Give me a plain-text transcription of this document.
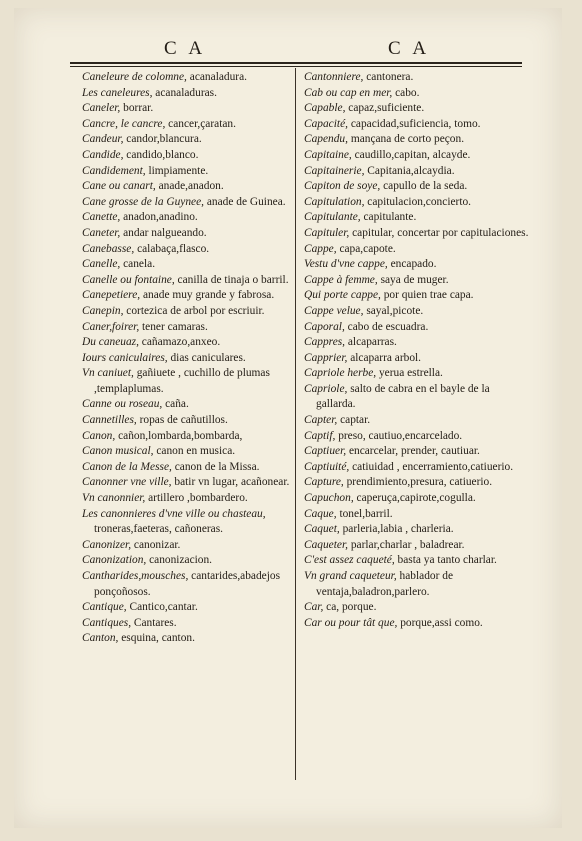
C A	C A

Caneleure de colomne, acanaladura.

Les caneleures, acanaladuras.

Caneler, borrar.

Cancre, le cancre, cancer,çaratan.

Candeur, candor,blancura.

Candide, candido,blanco.

Candidement, limpiamente.

Cane ou canart, anade,anadon.

Cane grosse de la Guynee, anade de Guinea.

Canette, anadon,anadino.

Caneter, andar nalgueando.

Canebasse, calabaça,flasco.

Canelle, canela.

Canelle ou fontaine, canilla de tinaja o barril.

Canepetiere, anade muy grande y fabrosa.

Canepin, cortezica de arbol por escriuir.

Caner,foirer, tener camaras.

Du caneuaz, cañamazo,anxeo.

Iours caniculaires, dias caniculares.

Vn caniuet, gañiuete , cuchillo de plumas ,templaplumas.

Canne ou roseau, caña.

Cannetilles, ropas de cañutillos.

Canon, cañon,lombarda,bombarda,

Canon musical, canon en musica.

Canon de la Messe, canon de la Missa.

Canonner vne ville, batir vn lugar, acañonear.

Vn canonnier, artillero ,bombardero.

Les canonnieres d'vne ville ou chasteau, troneras,faeteras, cañoneras.

Canonizer, canonizar.

Canonization, canonizacion.

Cantharides,mousches, cantarides,abadejos ponçoñosos.

Cantique, Cantico,cantar.

Cantiques, Cantares.

Canton, esquina, canton.

Cantonniere, cantonera.

Cab ou cap en mer, cabo.

Capable, capaz,suficiente.

Capacité, capacidad,suficiencia, tomo.

Capendu, mançana de corto peçon.

Capitaine, caudillo,capitan, alcayde.

Capitainerie, Capitania,alcaydia.

Capiton de soye, capullo de la seda.

Capitulation, capitulacion,concierto.

Capitulante, capitulante.

Capituler, capitular, concertar por capitulaciones.

Cappe, capa,capote.

Vestu d'vne cappe, encapado.

Cappe à femme, saya de muger.

Qui porte cappe, por quien trae capa.

Cappe velue, sayal,picote.

Caporal, cabo de escuadra.

Cappres, alcaparras.

Capprier, alcaparra arbol.

Capriole herbe, yerua estrella.

Capriole, salto de cabra en el bayle de la gallarda.

Capter, captar.

Captif, preso, cautiuo,encarcelado.

Captiuer, encarcelar, prender, cautiuar.

Captiuité, catiuidad , encerramiento,catiuerio.

Capture, prendimiento,presura, catiuerio.

Capuchon, caperuça,capirote,cogulla.

Caque, tonel,barril.

Caquet, parleria,labia , charleria.

Caqueter, parlar,charlar , baladrear.

C'est assez caqueté, basta ya tanto charlar.

Vn grand caqueteur, hablador de ventaja,baladron,parlero.

Car, ca, porque.

Car ou pour tât que, porque,assi como.
